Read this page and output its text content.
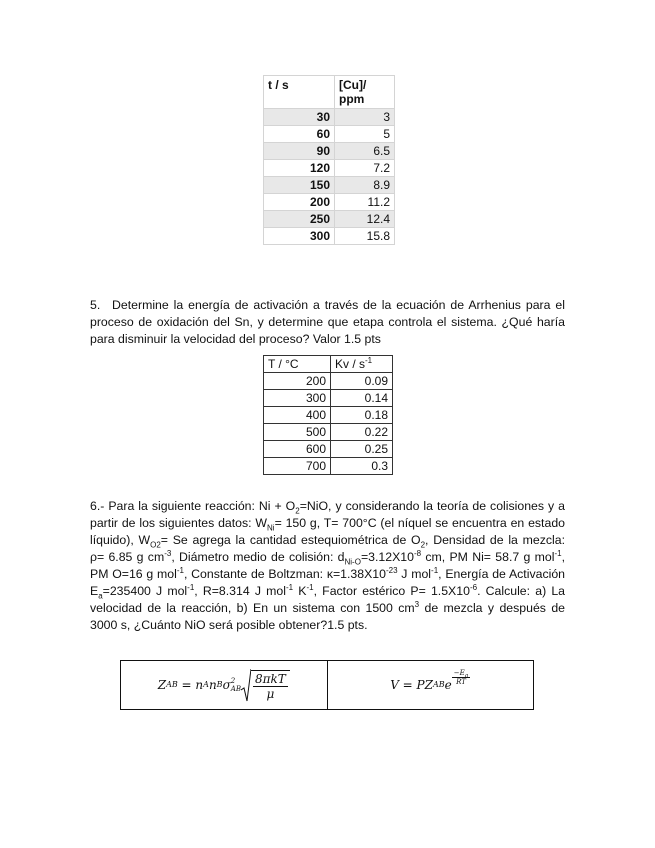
t / s	[Cu]/
ppm
30	3
60	5
90	6.5
120	7.2
150	8.9
200	11.2
250	12.4
300	15.8

5. Determine la energía de activación a través de la ecuación de Arrhenius para el proceso de oxidación del Sn, y determine que etapa controla el sistema. ¿Qué haría para disminuir la velocidad del proceso? Valor 1.5 pts

T / °C	Kv / $s^{-1}$
200	0.09
300	0.14
400	0.18
500	0.22
600	0.25
700	0.3

6.- Para la siguiente reacción: $Ni + O_2=NiO$, y considerando la teoría de colisiones y a partir de los siguientes datos: $W_{Ni}= 150$ g, T= 700°C (el níquel se encuentra en estado líquido), $W_{O2}= Se$ agrega la cantidad estequiométrica de $O_2$, Densidad de la mezcla: ρ= 6.85 g $cm^{-3}$, Diámetro medio de colisión: $d_{Ni-O}=3.12X10^{-8}$ cm, PM Ni= 58.7 g mol$^{-1}$, PM O=16 g mol$^{-1}$, Constante de Boltzman: $\kappa=1.38X10^{-23}$ J mol$^{-1}$, Energía de Activación $E_a=235400$ J mol$^{-1}$, R=8.314 J mol$^{-1}$ $K^{-1}$, Factor estérico $P= 1.5X10^{-6}$. Calcule: a) La velocidad de la reacción, b) En un sistema con 1500 $cm^3$ de mezcla y después de 3000 s, ¿Cuánto NiO será posible obtener?1.5 pts.

Z AB = n A n B σ 2
AB $\frac{\text{8πkT}}{\mu}$	V = PZ AB e $\frac{-E_a}{RT}$
